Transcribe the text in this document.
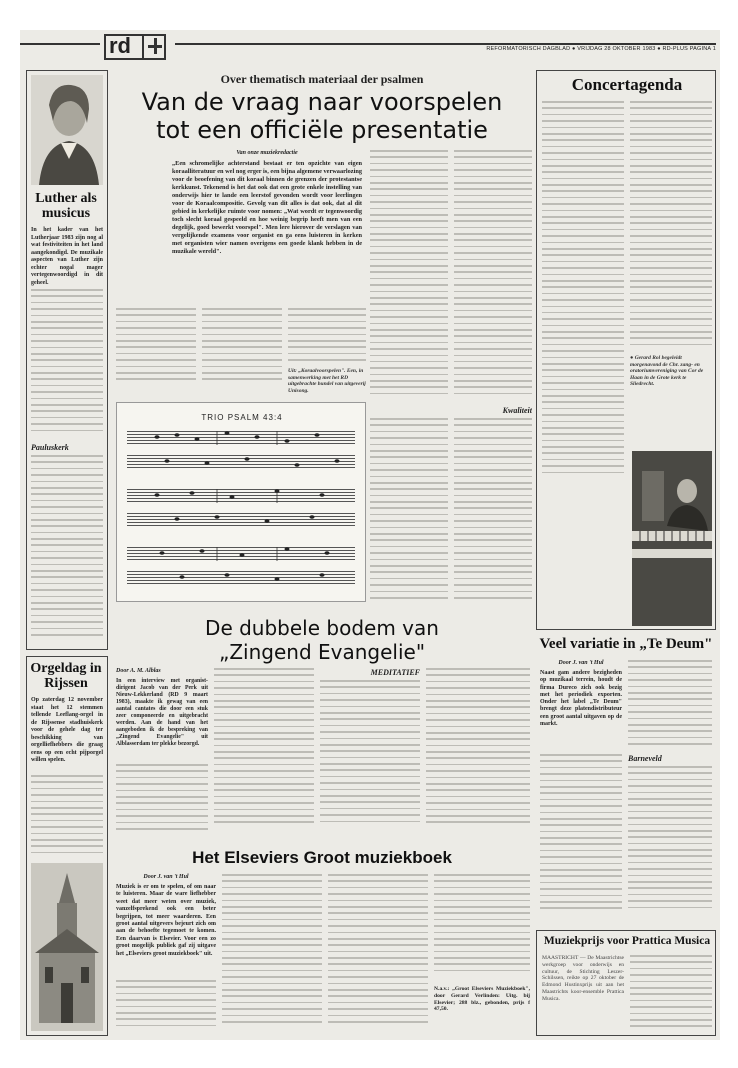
rd	REFORMATORISCH DAGBLAD ● VRIJDAG 28 OKTOBER 1983 ● RD-PLUS PAGINA 1
Luther als musicus
In het kader van het Lutherjaar 1983 zijn nog al wat festiviteiten in het land aangekondigd. De muzikale aspecten van Luther zijn echter nogal mager vertegenwoordigd in dit geheel.
Pauluskerk
Over thematisch materiaal der psalmen
Van de vraag naar voorspelen
tot een officiële presentatie
Van onze muziekredactie
„Een schromelijke achterstand bestaat er ten opzichte van eigen koraalliteratuur en wel nog erger is, een bijna algemene verwaarlozing voor de beoefening van dit koraal binnen de grenzen der protestantse kerkkunst. Tekenend is het dat ook dat een grote enkele instelling van onderwijs hier te lande een leerstof gevonden wordt voor leerlingen voor de Koraalcompositie. Gevolg van dit alles is dat ook, dat al dit gebied in kerkelijke ruimte voor nomen: „Wat wordt er tegenwoordig toch slecht koraal gespeeld en hoe weinig begrip heeft men van een degelijk, goed bewerkt voorspel". Men lere hierover de verslagen van vergelijkende examens voor organist en ga eens luisteren in kerken met organisten wier namen overigens een goede klank hebben in de muzikale wereld".
Uit: „Koraalvoorspelen". Een, in samenwerking met het RD uitgebrachte bundel van uitgeverij Unisong.
TRIO PSALM 43:4
Kwaliteit
Concertagenda
● Gerard Rol begeleidt morgenavond de Chr. zang- en oratoriumvereniging van Cor de Haan in de Grote kerk te Sliedrecht.
Orgeldag in Rijssen
Op zaterdag 12 november staat het 12 stemmen tellende Leeflang-orgel in de Rijssense stadhuiskerk voor de gehele dag ter beschikking van orgelliefhebbers die graag eens op een echt pijporgel willen spelen.
De dubbele bodem van
„Zingend Evangelie"
Door A. M. Alblas
In een interview met organist-dirigent Jacob van der Perk uit Nieuw-Lekkerland (RD 9 maart 1983), maakte ik gewag van een aantal cantates die door een stuk zeer componeerde en uitgebracht werden. Aan de hand van het aangeboden ik de bespreking van „Zingend Evangelie" uit Alblasserdam ter plekke bezorgd.
MEDITATIEF
Veel variatie in „Te Deum"
Door J. van 't Hul
Naast gam andere bezigheden op muzikaal terrein, houdt de firma Dureco zich ook bezig met het periodiek exporten. Onder het label „Te Deum" brengt deze platendistributeur een groot aantal uitgaven op de markt.
Barneveld
Het Elseviers Groot muziekboek
Door J. van 't Hul
Muziek is er om te spelen, of om naar te luisteren. Maar de ware liefhebber weet dat meer weten over muziek, vanzelfsprekend ook een beter begrijpen, tot meer waarderen. Een groot aantal uitgevers bejeurt zich om aan de behoefte tegemoet te komen. Een daarvan is Elsevier. Voor een zo groot mogelijk publiek gaf zij uitgave het „Elseviers groot muziekboek" uit.
N.a.v.: „Groot Elseviers Muziekboek", door Gerard Verlinden: Uitg. bij Elsevier; 288 blz., gebonden, prijs f 47,50.
Muziekprijs voor Prattica Musica
MAASTRICHT — De Maastrichtse werkgroep voor onderwijs en cultuur, de Stichting Leszer-Schilssen, reikte op 27 oktober de Edmond Hustinxprijs uit aan het Maastrichts koor-ensemble Prattica Musica.
